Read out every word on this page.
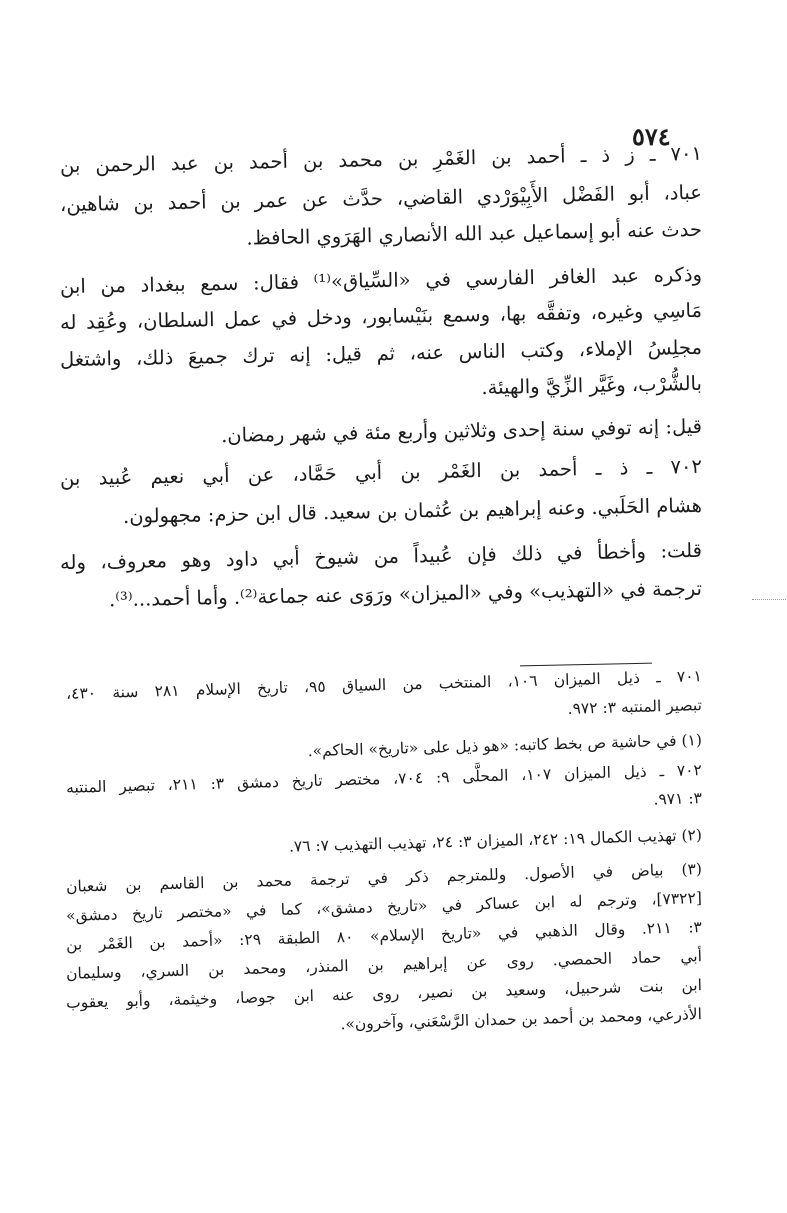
٥٧٤
٧٠١ ـ ز ذ ـ أحمد بن الغَمْرِ بن محمد بن أحمد بن عبد الرحمن بن
عباد، أبو الفَضْل الأَبِيْوَرْدي القاضي، حدَّث عن عمر بن أحمد بن شاهين،
حدث عنه أبو إسماعيل عبد الله الأنصاري الهَرَوي الحافظ.
وذكره عبد الغافر الفارسي في «السِّياق»⁽¹⁾ فقال: سمع ببغداد من ابن
مَاسِي وغيره، وتفقَّه بها، وسمع بنَيْسابور، ودخل في عمل السلطان، وعُقِد له
مجلِسُ الإملاء، وكتب الناس عنه، ثم قيل: إنه ترك جميعَ ذلك، واشتغل
بالشُّرْب، وغَيَّر الزِّيَّ والهيئة.
قيل: إنه توفي سنة إحدى وثلاثين وأربع مئة في شهر رمضان.
٧٠٢ ـ ذ ـ أحمد بن الغَمْر بن أبي حَمَّاد، عن أبي نعيم عُبيد بن
هشام الحَلَبي. وعنه إبراهيم بن عُثمان بن سعيد. قال ابن حزم: مجهولون.
قلت: وأخطأ في ذلك فإن عُبيداً من شيوخ أبي داود وهو معروف، وله
ترجمة في «التهذيب» وفي «الميزان» ورَوَى عنه جماعة⁽²⁾. وأما أحمد...⁽³⁾.
٧٠١ ـ ذيل الميزان ١٠٦، المنتخب من السياق ٩٥، تاريخ الإسلام ٢٨١ سنة ٤٣٠،
تبصير المنتبه ٣: ٩٧٢.
(١) في حاشية ص بخط كاتبه: «هو ذيل على «تاريخ» الحاكم».
٧٠٢ ـ ذيل الميزان ١٠٧، المحلَّى ٩: ٧٠٤، مختصر تاريخ دمشق ٣: ٢١١، تبصير المنتبه
٣: ٩٧١.
(٢) تهذيب الكمال ١٩: ٢٤٢، الميزان ٣: ٢٤، تهذيب التهذيب ٧: ٧٦.
(٣) بياض في الأصول. وللمترجم ذكر في ترجمة محمد بن القاسم بن شعبان
[٧٣٢٢]، وترجم له ابن عساكر في «تاريخ دمشق»، كما في «مختصر تاريخ دمشق»
٣: ٢١١. وقال الذهبي في «تاريخ الإسلام» ٨٠ الطبقة ٢٩: «أحمد بن الغَمْر بن
أبي حماد الحمصي. روى عن إبراهيم بن المنذر، ومحمد بن السري، وسليمان
ابن بنت شرحبيل، وسعيد بن نصير، روى عنه ابن جوصا، وخيثمة، وأبو يعقوب
الأذرعي، ومحمد بن أحمد بن حمدان الرَّسْعَني، وآخرون».
